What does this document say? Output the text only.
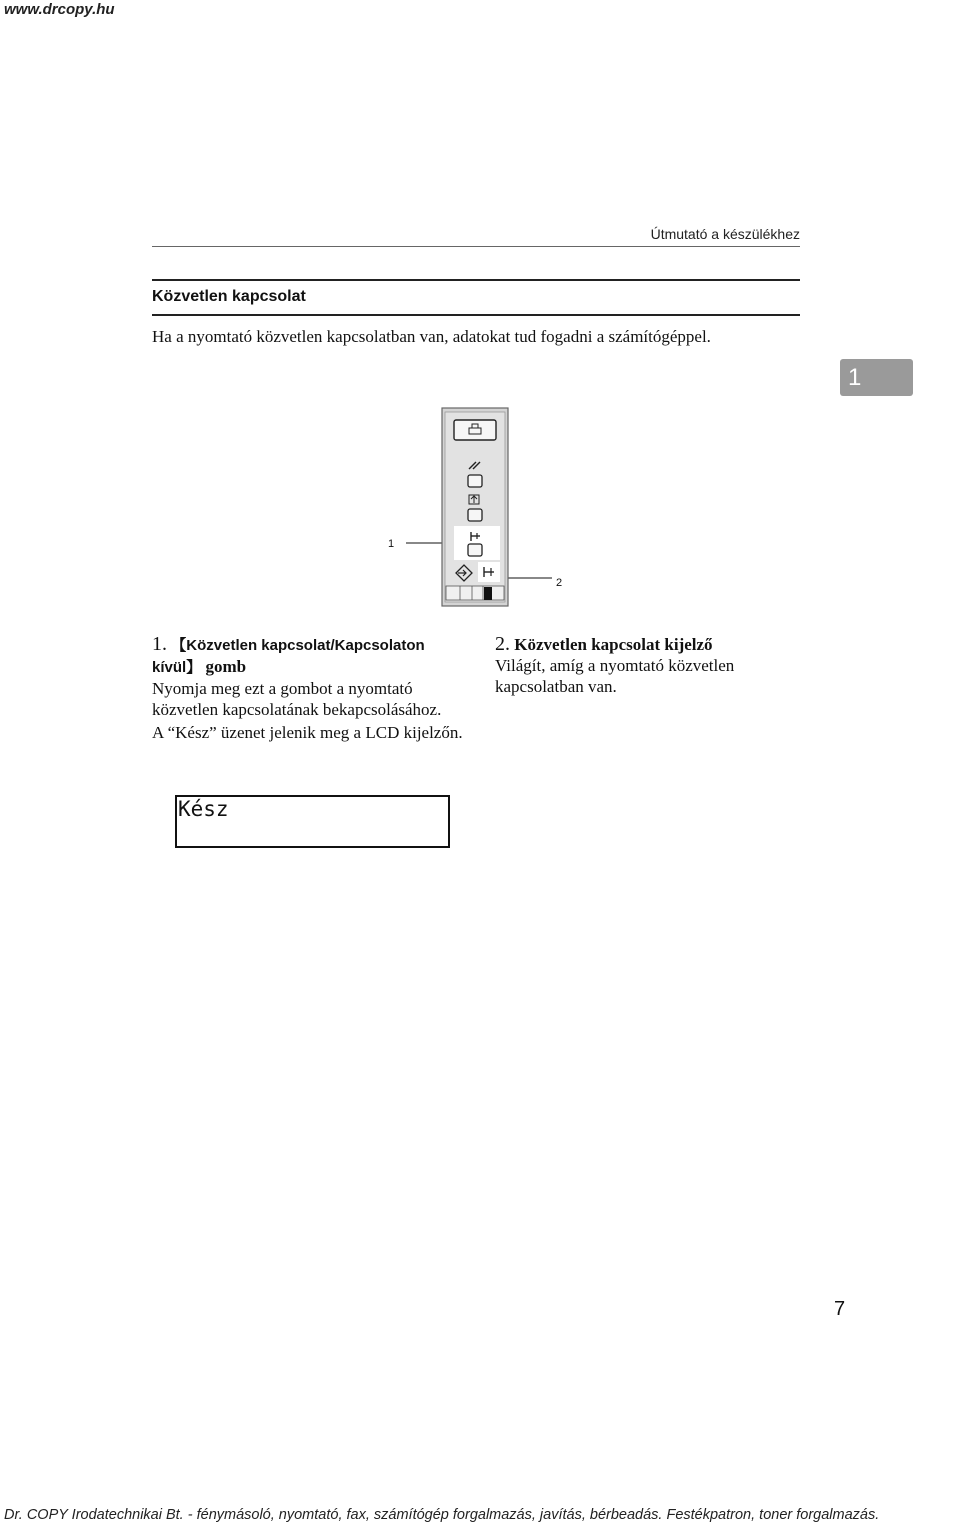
www.drcopy.hu
Útmutató a készülékhez
Közvetlen kapcsolat
Ha a nyomtató közvetlen kapcsolatban van, adatokat tud fogadni a számítógéppel.
1
1
2
1. 【Közvetlen kapcsolat/Kapcsolaton kívül】 gomb

Nyomja meg ezt a gombot a nyomtató közvetlen kapcsolatának bekapcsolásához.

A “Kész” üzenet jelenik meg a LCD kijelzőn.

Kész
2. Közvetlen kapcsolat kijelző

Világít, amíg a nyomtató közvetlen kapcsolatban van.

7
Dr. COPY Irodatechnikai Bt. - fénymásoló, nyomtató, fax, számítógép forgalmazás, javítás, bérbeadás. Festékpatron, toner forgalmazás.
